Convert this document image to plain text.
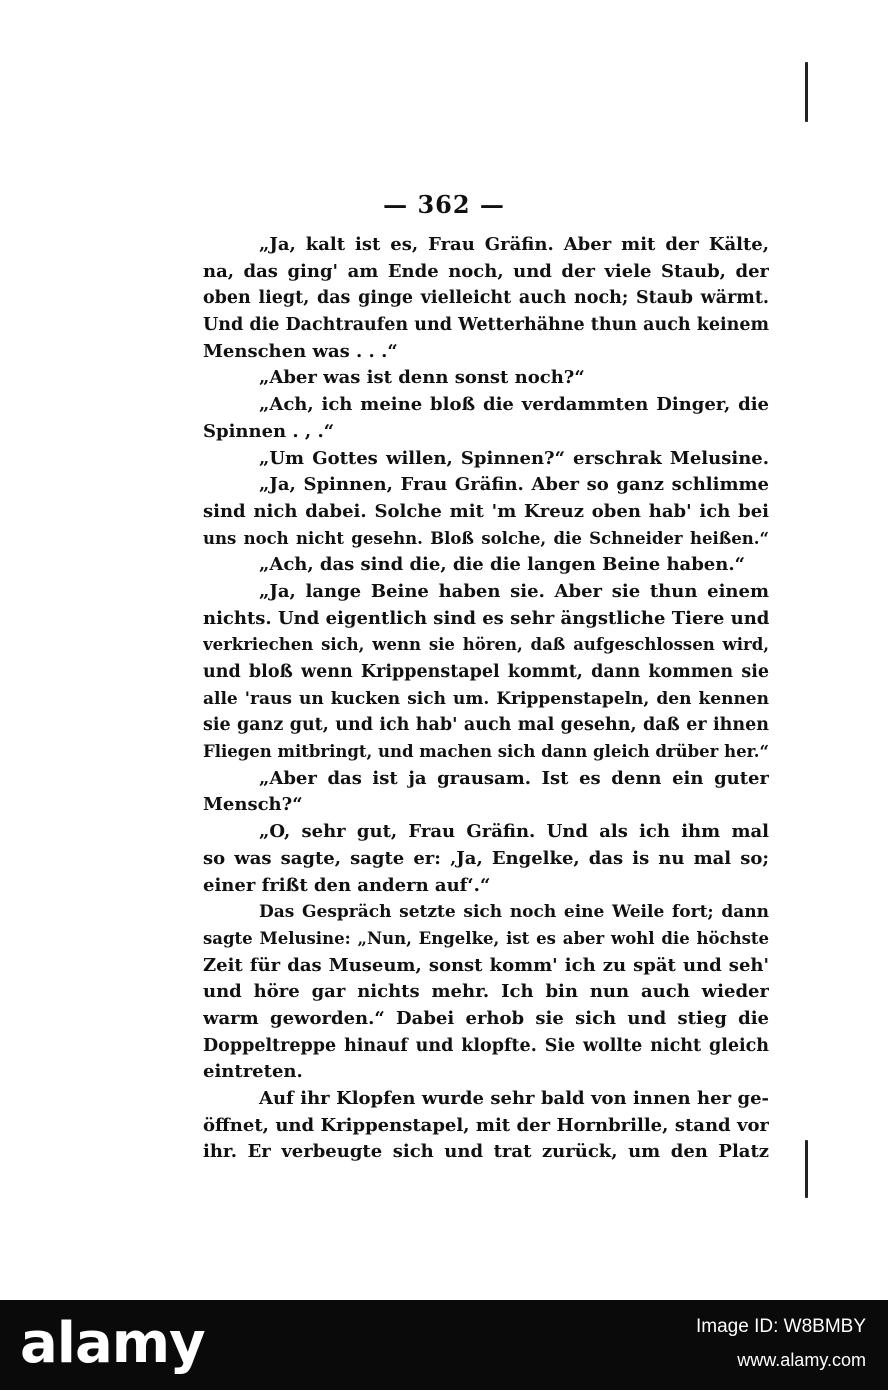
— 362 —
„Ja, kalt ist es, Frau Gräfin. Aber mit der Kälte,
na, das ging' am Ende noch, und der viele Staub, der
oben liegt, das ginge vielleicht auch noch; Staub wärmt.
Und die Dachtraufen und Wetterhähne thun auch keinem
Menschen was . . .“
„Aber was ist denn sonst noch?“
„Ach, ich meine bloß die verdammten Dinger, die
Spinnen . , .“
„Um Gottes willen, Spinnen?“ erschrak Melusine.
„Ja, Spinnen, Frau Gräfin. Aber so ganz schlimme
sind nich dabei. Solche mit 'm Kreuz oben hab' ich bei
uns noch nicht gesehn. Bloß solche, die Schneider heißen.“
„Ach, das sind die, die die langen Beine haben.“
„Ja, lange Beine haben sie. Aber sie thun einem
nichts. Und eigentlich sind es sehr ängstliche Tiere und
verkriechen sich, wenn sie hören, daß aufgeschlossen wird,
und bloß wenn Krippenstapel kommt, dann kommen sie
alle 'raus un kucken sich um. Krippenstapeln, den kennen
sie ganz gut, und ich hab' auch mal gesehn, daß er ihnen
Fliegen mitbringt, und machen sich dann gleich drüber her.“
„Aber das ist ja grausam. Ist es denn ein guter
Mensch?“
„O, sehr gut, Frau Gräfin. Und als ich ihm mal
so was sagte, sagte er: ‚Ja, Engelke, das is nu mal so;
einer frißt den andern auf‘.“
Das Gespräch setzte sich noch eine Weile fort; dann
sagte Melusine: „Nun, Engelke, ist es aber wohl die höchste
Zeit für das Museum, sonst komm' ich zu spät und seh'
und höre gar nichts mehr. Ich bin nun auch wieder
warm geworden.“ Dabei erhob sie sich und stieg die
Doppeltreppe hinauf und klopfte. Sie wollte nicht gleich
eintreten.
Auf ihr Klopfen wurde sehr bald von innen her ge-
öffnet, und Krippenstapel, mit der Hornbrille, stand vor
ihr. Er verbeugte sich und trat zurück, um den Platz
alamy	Image ID: W8BMBY
www.alamy.com
